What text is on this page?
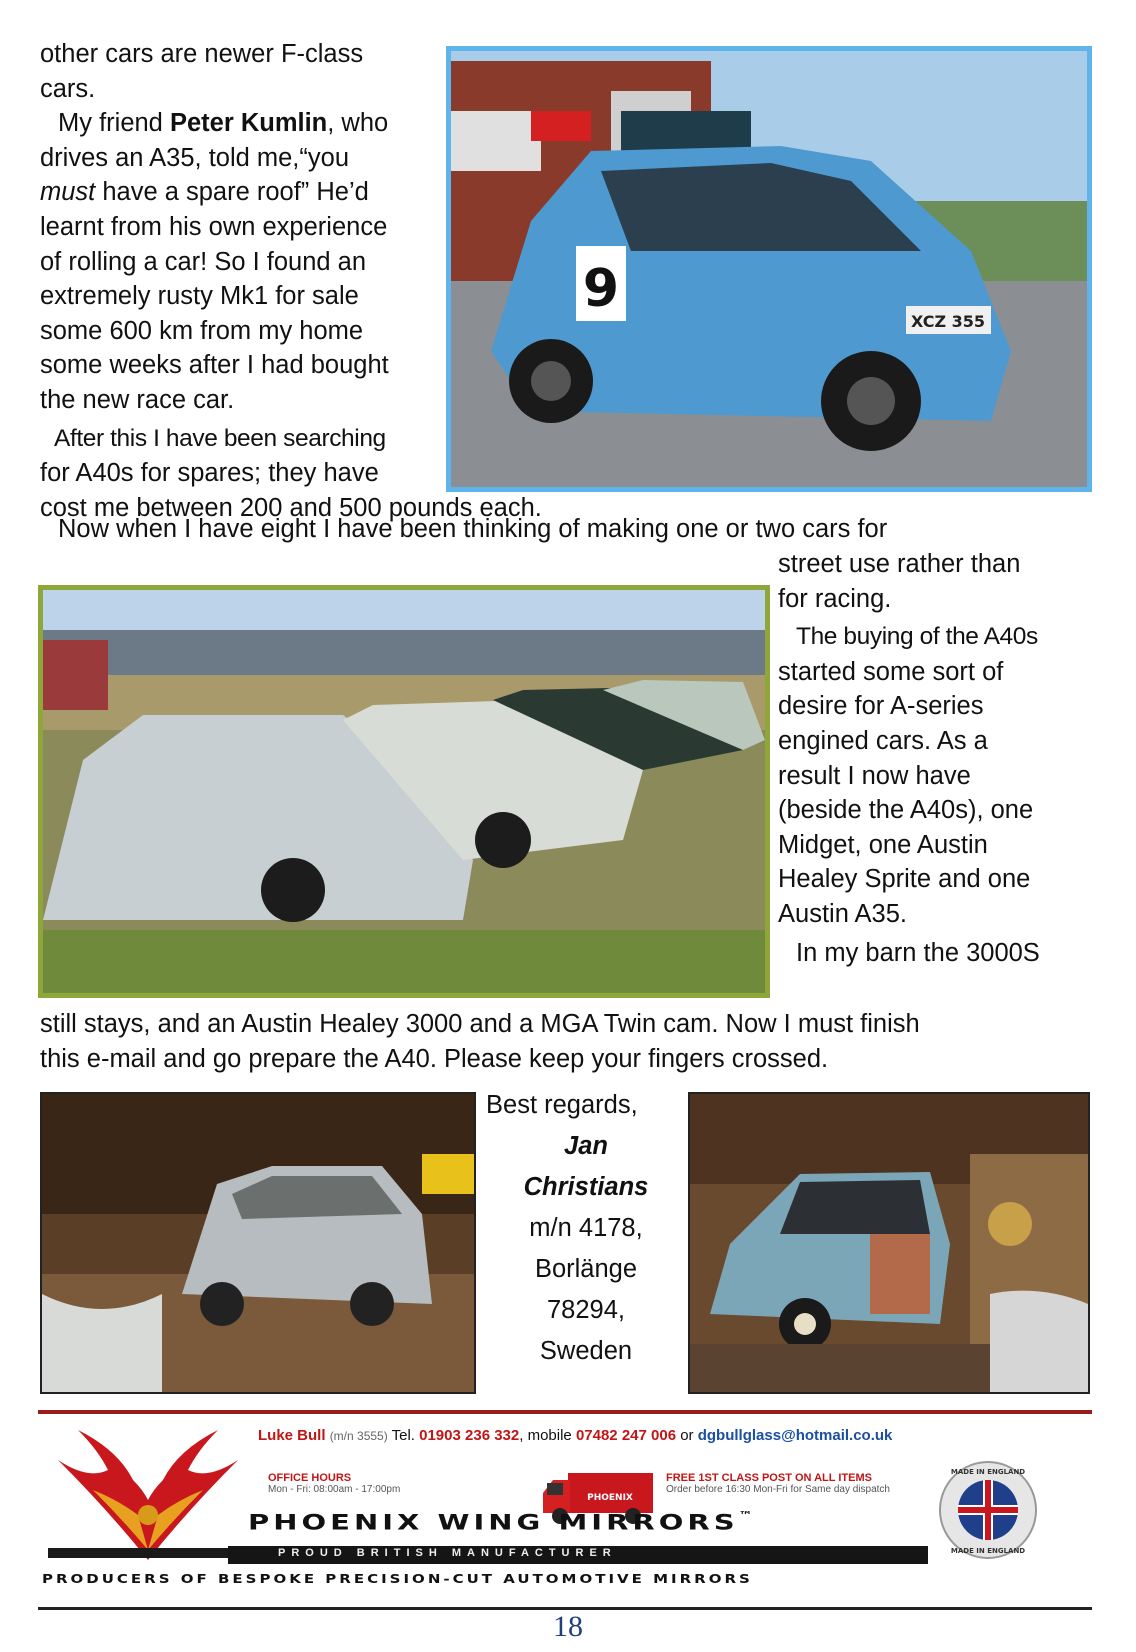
other cars are newer F-class

cars.

My friend Peter Kumlin, who

drives an A35, told me,“you

must have a spare roof” He’d

learnt from his own experience

of rolling a car! So I found an

extremely rusty Mk1 for sale

some 600 km from my home

some weeks after I had bought

the new race car.

After this I have been searching

for A40s for spares; they have

cost me between 200 and 500 pounds each.

9
XCZ 355

Now when I have eight I have been thinking of making one or two cars for

street use rather than

for racing.

The buying of the A40s

started some sort of

desire for A-series

engined cars. As a

result I now have

(beside the A40s), one

Midget, one Austin

Healey Sprite and one

Austin A35.

In my barn the 3000S

still stays, and an Austin Healey 3000 and a MGA Twin cam. Now I must finish

this e-mail and go prepare the A40. Please keep your fingers crossed.

Best regards,
Jan
Christians
m/n 4178,
Borlänge
78294,
Sweden
Luke Bull (m/n 3555) Tel. 01903 236 332, mobile 07482 247 006 or dgbullglass@hotmail.co.uk
OFFICE HOURS
Mon - Fri: 08:00am - 17:00pm
PHOENIX
FREE 1ST CLASS POST ON ALL ITEMS
Order before 16:30 Mon-Fri for Same day dispatch
PHOENIX WING MIRRORS™
PROUD BRITISH MANUFACTURER
MADE IN ENGLAND
MADE IN ENGLAND
PRODUCERS OF BESPOKE PRECISION-CUT AUTOMOTIVE MIRRORS
18
